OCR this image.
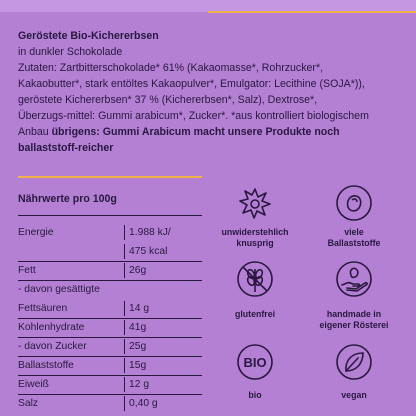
Geröstete Bio-Kichererbsen
in dunkler Schokolade
Zutaten: Zartbitterschokolade* 61% (Kakaomasse*, Rohrzucker*,
Kakaobutter*, stark entöltes Kakaopulver*, Emulgator: Lecithine (SOJA*)),
geröstete Kichererbsen* 37 % (Kichererbsen*, Salz), Dextrose*,
Überzugs-mittel: Gummi arabicum*, Zucker*. *aus kontrolliert biologischem
Anbau übrigens: Gummi Arabicum macht unsere Produkte noch
ballaststoff-reicher
Nährwerte pro 100g
Energie	1.988 kJ/
475 kcal
Fett	26g
- davon gesättigte
Fettsäuren	14 g
Kohlenhydrate	41g
- davon Zucker	25g
Ballaststoffe	15g
Eiweiß	12 g
Salz	0,40 g
unwiderstehlich
knusprig
viele
Ballaststoffe
glutenfrei	handmade in
eigener Rösterei
BIO
bio	vegan
